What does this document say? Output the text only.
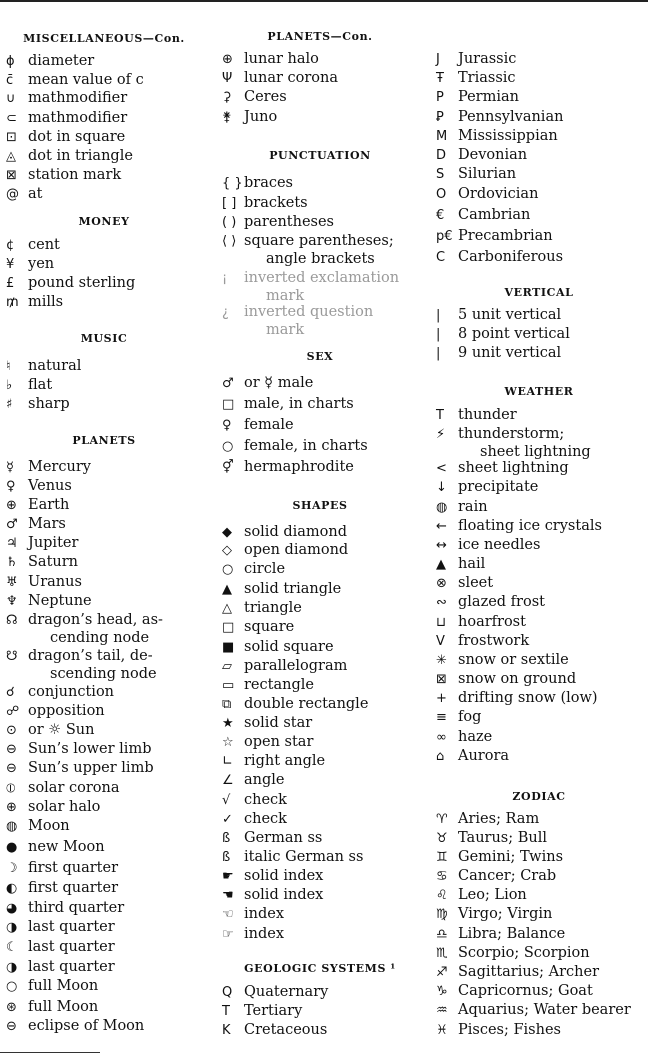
MISCELLANEOUS—Con.
ϕ diameter
c̄ mean value of c
∪ mathmodifier
⊂ mathmodifier
⊡ dot in square
◬ dot in triangle
⊠ station mark
@ at
MONEY
¢ cent
¥ yen
£ pound sterling
₥ mills
MUSIC
♮ natural
♭ flat
♯ sharp
PLANETS
☿ Mercury
♀ Venus
⊕ Earth
♂ Mars
♃ Jupiter
♄ Saturn
♅ Uranus
♆ Neptune
☊ dragon’s head, as-
cending node
☋ dragon’s tail, de-
scending node
☌ conjunction
☍ opposition
⊙ or ☼ Sun
⊖ Sun’s lower limb
⊖ Sun’s upper limb
⦶ solar corona
⊕ solar halo
◍ Moon
● new Moon
☽ first quarter
◐ first quarter
◕ third quarter
◑ last quarter
☾ last quarter
◑ last quarter
○ full Moon
⊛ full Moon
⊖ eclipse of Moon
PLANETS—Con.
⊕ lunar halo
Ψ lunar corona
⚳ Ceres
⚵ Juno
PUNCTUATION
{ }braces
[ ] brackets
( ) parentheses
⟨ ⟩ square parentheses;
angle brackets
¡ inverted exclamation
mark
¿ inverted question
mark
SEX
♂ or ☿ male
□ male, in charts
♀ female
○ female, in charts
⚥ hermaphrodite
SHAPES
◆ solid diamond
◇ open diamond
○ circle
▲ solid triangle
△ triangle
□ square
■ solid square
▱ parallelogram
▭ rectangle
⧉ double rectangle
★ solid star
☆ open star
∟ right angle
∠ angle
√ check
✓ check
ß German ss
ß italic German ss
☛ solid index
☚ solid index
☜ index
☞ index
GEOLOGIC SYSTEMS ¹
Q Quaternary
T Tertiary
K Cretaceous
J Jurassic
Ŧ Triassic
P Permian
Ꝑ Pennsylvanian
M Mississippian
D Devonian
S Silurian
O Ordovician
€ Cambrian
p€ Precambrian
C Carboniferous
VERTICAL
| 5 unit vertical
| 8 point vertical
| 9 unit vertical
WEATHER
T thunder
⚡ thunderstorm;
sheet lightning
< sheet lightning
↓ precipitate
◍ rain
← floating ice crystals
↔ ice needles
▲ hail
⊗ sleet
∾ glazed frost
⊔ hoarfrost
V frostwork
✳ snow or sextile
⊠ snow on ground
+ drifting snow (low)
≡ fog
∞ haze
⌂ Aurora
ZODIAC
♈ Aries; Ram
♉ Taurus; Bull
♊ Gemini; Twins
♋ Cancer; Crab
♌ Leo; Lion
♍ Virgo; Virgin
♎ Libra; Balance
♏ Scorpio; Scorpion
♐ Sagittarius; Archer
♑ Capricornus; Goat
♒ Aquarius; Water bearer
♓ Pisces; Fishes
